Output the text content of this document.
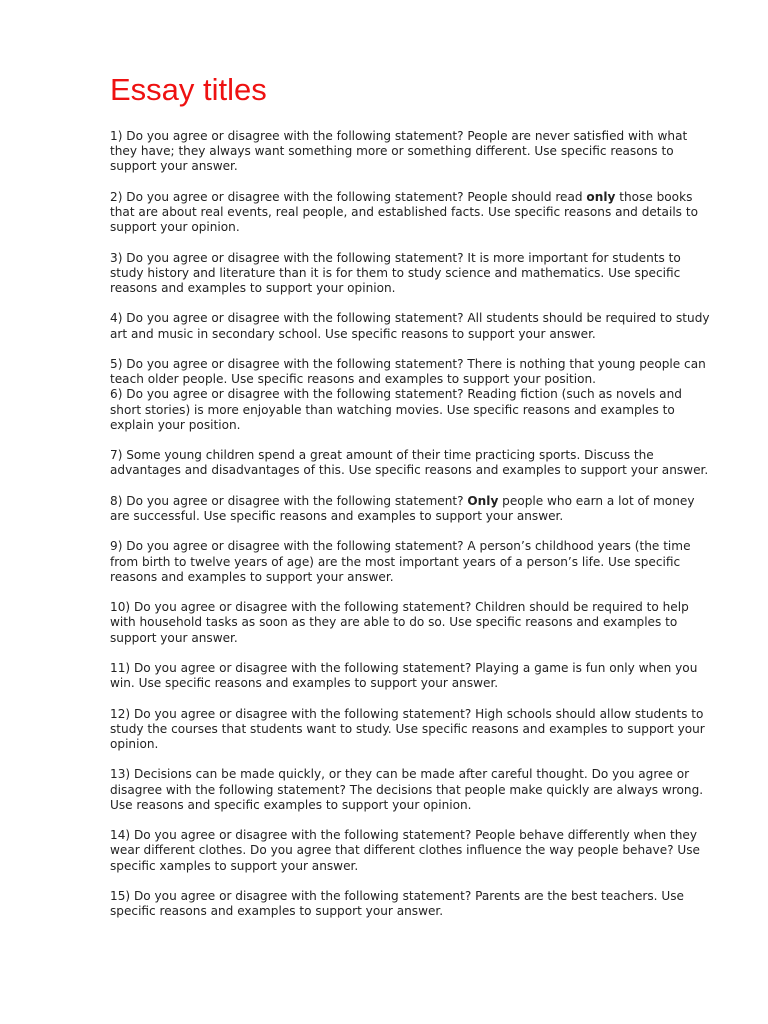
Essay titles

1) Do you agree or disagree with the following statement? People are never satisfied with what they have; they always want something more or something different. Use specific reasons to support your answer.

2) Do you agree or disagree with the following statement? People should read only those books that are about real events, real people, and established facts. Use specific reasons and details to support your opinion.

3) Do you agree or disagree with the following statement? It is more important for students to study history and literature than it is for them to study science and mathematics. Use specific reasons and examples to support your opinion.

4) Do you agree or disagree with the following statement? All students should be required to study art and music in secondary school. Use specific reasons to support your answer.

5) Do you agree or disagree with the following statement? There is nothing that young people can teach older people. Use specific reasons and examples to support your position.

6) Do you agree or disagree with the following statement? Reading fiction (such as novels and short stories) is more enjoyable than watching movies. Use specific reasons and examples to explain your position.

7) Some young children spend a great amount of their time practicing sports. Discuss the advantages and disadvantages of this. Use specific reasons and examples to support your answer.

8) Do you agree or disagree with the following statement? Only people who earn a lot of money are successful. Use specific reasons and examples to support your answer.

9) Do you agree or disagree with the following statement? A person’s childhood years (the time from birth to twelve years of age) are the most important years of a person’s life. Use specific reasons and examples to support your answer.

10) Do you agree or disagree with the following statement? Children should be required to help with household tasks as soon as they are able to do so. Use specific reasons and examples to support your answer.

11) Do you agree or disagree with the following statement? Playing a game is fun only when you win. Use specific reasons and examples to support your answer.

12) Do you agree or disagree with the following statement? High schools should allow students to study the courses that students want to study. Use specific reasons and examples to support your opinion.

13) Decisions can be made quickly, or they can be made after careful thought. Do you agree or disagree with the following statement? The decisions that people make quickly are always wrong. Use reasons and specific examples to support your opinion.

14) Do you agree or disagree with the following statement? People behave differently when they wear different clothes. Do you agree that different clothes influence the way people behave? Use specific xamples to support your answer.

15) Do you agree or disagree with the following statement? Parents are the best teachers. Use specific reasons and examples to support your answer.
